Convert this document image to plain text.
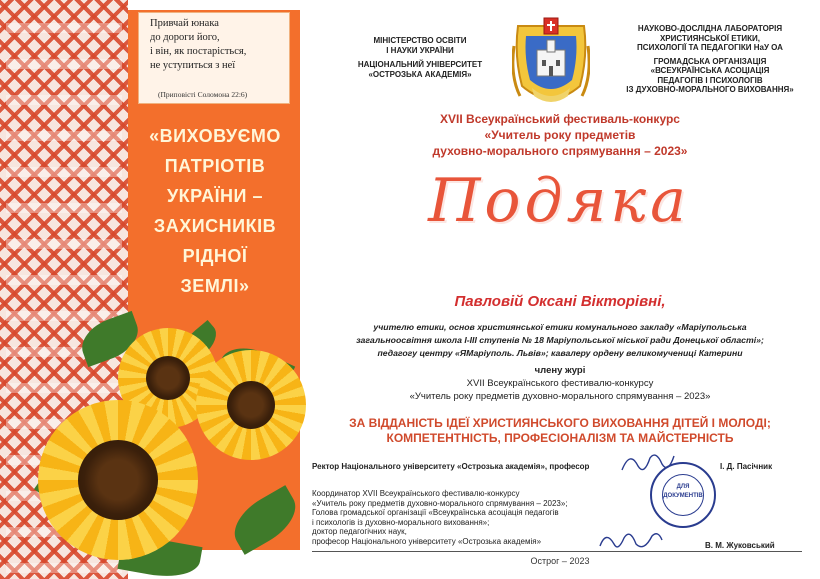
Привчай юнака
до дороги його,
і він, як постарістьcя,
не уступиться з неї
(Приповісті Соломона 22:6)
«ВИХОВУЄМО
ПАТРІОТІВ
УКРАЇНИ –
ЗАХИСНИКІВ
РІДНОЇ
ЗЕМЛІ»
МІНІСТЕРСТВО ОСВІТИ
І НАУКИ УКРАЇНИ
НАЦІОНАЛЬНИЙ УНІВЕРСИТЕТ
«ОСТРОЗЬКА АКАДЕМІЯ»
НАУКОВО-ДОСЛІДНА ЛАБОРАТОРІЯ
ХРИСТИЯНСЬКОЇ ЕТИКИ,
ПСИХОЛОГІЇ ТА ПЕДАГОГІКИ НаУ ОА
ГРОМАДСЬКА ОРГАНІЗАЦІЯ
«ВСЕУКРАЇНСЬКА АСОЦІАЦІЯ
ПЕДАГОГІВ І ПСИХОЛОГІВ
ІЗ ДУХОВНО-МОРАЛЬНОГО ВИХОВАННЯ»
XVII Всеукраїнський фестиваль-конкурс
«Учитель року предметів
духовно-морального спрямування – 2023»
Подяка
Павловій Оксані Вікторівні,
учителю етики, основ християнської етики комунального закладу «Маріупольська
загальноосвітня школа І-ІІІ ступенів № 18 Маріупольської міської ради Донецької області»;
педагогу центру «ЯМаріуполь. Львів»; кавалеру ордену великомучениці Катерини
члену журі
XVII Всеукраїнського фестивалю-конкурсу
«Учитель року предметів духовно-морального спрямування – 2023»
ЗА ВІДДАНІСТЬ ІДЕЇ ХРИСТИЯНСЬКОГО ВИХОВАННЯ ДІТЕЙ І МОЛОДІ;
КОМПЕТЕНТНІСТЬ, ПРОФЕСІОНАЛІЗМ ТА МАЙСТЕРНІСТЬ
Ректор Національного університету «Острозька академія», професор	І. Д. Пасічник
Координатор XVII Всеукраїнського фестивалю-конкурсу
«Учитель року предметів духовно-морального спрямування – 2023»;
Голова громадської організації «Всеукраїнська асоціація педагогів
і психологів із духовно-морального виховання»;
доктор педагогічних наук,
професор Національного університету «Острозька академія»	В. М. Жуковський
ДЛЯ
ДОКУМЕНТІВ
Острог – 2023
